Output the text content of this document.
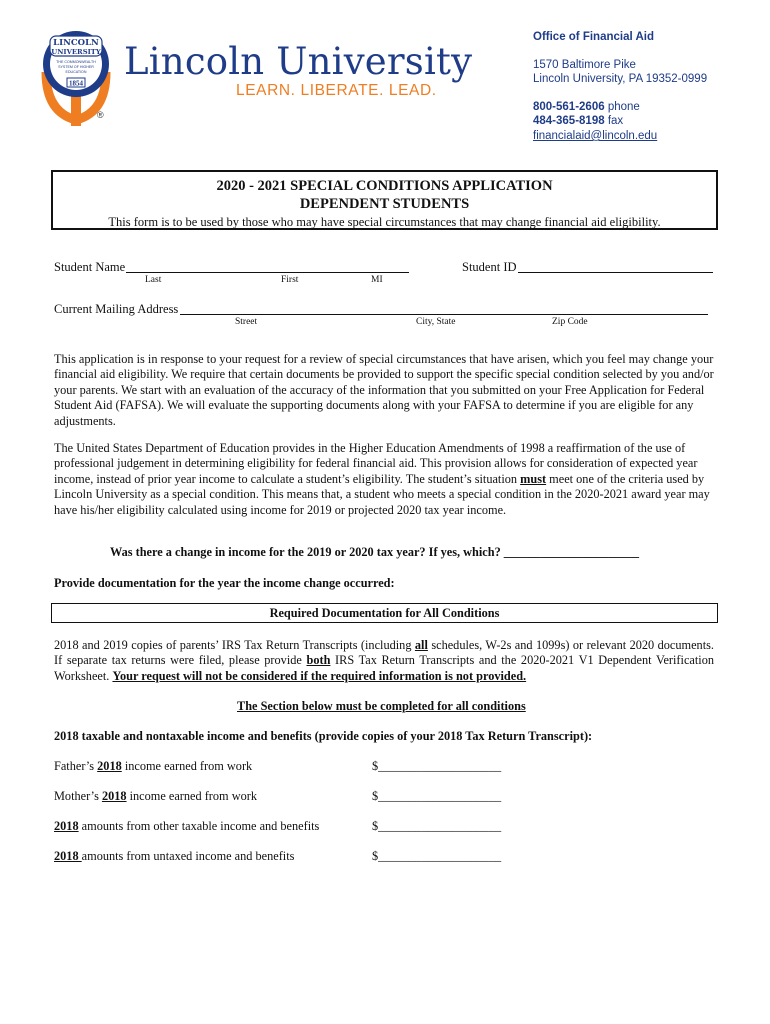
LINCOLN
UNIVERSITY
THE COMMONWEALTH
SYSTEM OF HIGHER
EDUCATION
1854
Lincoln University
LEARN. LIBERATE. LEAD.
®
Office of Financial Aid
1570 Baltimore Pike
Lincoln University, PA 19352-0999
800-561-2606 phone
484-365-8198 fax
financialaid@lincoln.edu
2020 - 2021 SPECIAL CONDITIONS APPLICATION
DEPENDENT STUDENTS
This form is to be used by those who may have special circumstances that may change financial aid eligibility.
Student Name
Last	First	MI
Student ID
Current Mailing Address
Street	City, State	Zip Code
This application is in response to your request for a review of special circumstances that have arisen, which you feel may change your financial aid eligibility. We require that certain documents be provided to support the specific special condition selected by you and/or your parents. We start with an evaluation of the accuracy of the information that you submitted on your Free Application for Federal Student Aid (FAFSA). We will evaluate the supporting documents along with your FAFSA to determine if you are eligible for any adjustments.
The United States Department of Education provides in the Higher Education Amendments of 1998 a reaffirmation of the use of professional judgement in determining eligibility for federal financial aid. This provision allows for consideration of expected year income, instead of prior year income to calculate a student’s eligibility. The student’s situation must meet one of the criteria used by Lincoln University as a special condition. This means that, a student who meets a special condition in the 2020-2021 award year may have his/her eligibility calculated using income for 2019 or projected 2020 tax year income.
Was there a change in income for the 2019 or 2020 tax year? If yes, which? ______________________
Provide documentation for the year the income change occurred:
Required Documentation for All Conditions
2018 and 2019 copies of parents’ IRS Tax Return Transcripts (including all schedules, W-2s and 1099s) or relevant 2020 documents. If separate tax returns were filed, please provide both IRS Tax Return Transcripts and the 2020-2021 V1 Dependent Verification Worksheet. Your request will not be considered if the required information is not provided.
The Section below must be completed for all conditions
2018 taxable and nontaxable income and benefits (provide copies of your 2018 Tax Return Transcript):
Father’s 2018 income earned from work	$____________________
Mother’s 2018 income earned from work	$____________________
2018 amounts from other taxable income and benefits	$____________________
2018 amounts from untaxed income and benefits	$____________________
